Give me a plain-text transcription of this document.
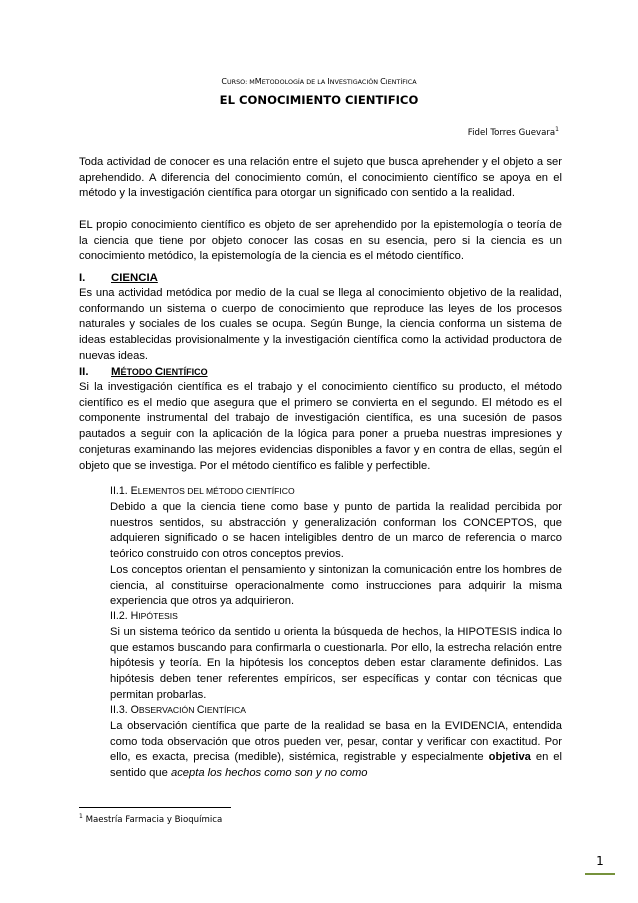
CURSO: MMETODOLOGÍA DE LA INVESTIGACIÓN CIENTÍFICA
EL CONOCIMIENTO CIENTIFICO
Fidel Torres Guevara$^1$
Toda actividad de conocer es una relación entre el sujeto que busca aprehender y el objeto a ser aprehendido. A diferencia del conocimiento común, el conocimiento científico se apoya en el método y la investigación científica para otorgar un significado con sentido a la realidad.
EL propio conocimiento científico es objeto de ser aprehendido por la epistemología o teoría de la ciencia que tiene por objeto conocer las cosas en su esencia, pero si la ciencia es un conocimiento metódico, la epistemología de la ciencia es el método científico.
I. CIENCIA
Es una actividad metódica por medio de la cual se llega al conocimiento objetivo de la realidad, conformando un sistema o cuerpo de conocimiento que reproduce las leyes de los procesos naturales y sociales de los cuales se ocupa. Según Bunge, la ciencia conforma un sistema de ideas establecidas provisionalmente y la investigación científica como la actividad productora de nuevas ideas.
II. MÉTODO CIENTÍFICO
Si la investigación científica es el trabajo y el conocimiento científico su producto, el método científico es el medio que asegura que el primero se convierta en el segundo. El método es el componente instrumental del trabajo de investigación científica, es una sucesión de pasos pautados a seguir con la aplicación de la lógica para poner a prueba nuestras impresiones y conjeturas examinando las mejores evidencias disponibles a favor y en contra de ellas, según el objeto que se investiga. Por el método científico es falible y perfectible.
II.1. ELEMENTOS DEL MÉTODO CIENTÍFICO
Debido a que la ciencia tiene como base y punto de partida la realidad percibida por nuestros sentidos, su abstracción y generalización conforman los CONCEPTOS, que adquieren significado o se hacen inteligibles dentro de un marco de referencia o marco teórico construido con otros conceptos previos.
Los conceptos orientan el pensamiento y sintonizan la comunicación entre los hombres de ciencia, al constituirse operacionalmente como instrucciones para adquirir la misma experiencia que otros ya adquirieron.
II.2. HIPÓTESIS
Si un sistema teórico da sentido u orienta la búsqueda de hechos, la HIPOTESIS indica lo que estamos buscando para confirmarla o cuestionarla. Por ello, la estrecha relación entre hipótesis y teoría. En la hipótesis los conceptos deben estar claramente definidos. Las hipótesis deben tener referentes empíricos, ser específicas y contar con técnicas que permitan probarlas.
II.3. OBSERVACIÓN CIENTÍFICA
La observación científica que parte de la realidad se basa en la EVIDENCIA, entendida como toda observación que otros pueden ver, pesar, contar y verificar con exactitud. Por ello, es exacta, precisa (medible), sistémica, registrable y especialmente objetiva en el sentido que acepta los hechos como son y no como
$^1$ Maestría Farmacia y Bioquímica
1
